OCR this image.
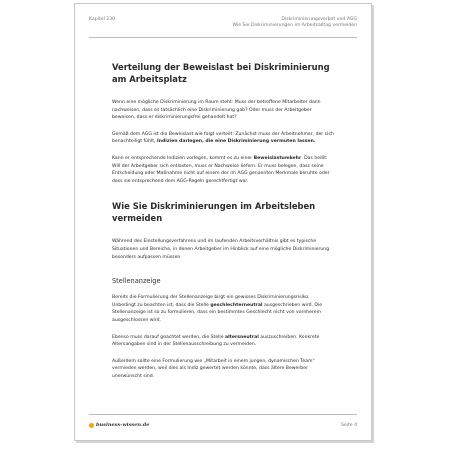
Kapitel 230	Diskriminierungsverbot und AGG
Wie Sie Diskriminierungen im Arbeitsalltag vermeiden
Verteilung der Beweislast bei Diskriminierung am Arbeitsplatz

Wenn eine mögliche Diskriminierung im Raum steht: Muss der betroffene Mitarbeiter dann nachweisen, dass es tatsächlich eine Diskriminierung gab? Oder muss der Arbeitgeber beweisen, dass er diskriminierungsfrei gehandelt hat?

Gemäß dem AGG ist die Beweislast wie folgt verteilt: Zunächst muss der Arbeitnehmer, der sich benachteiligt fühlt, Indizien darlegen, die eine Diskriminierung vermuten lassen.

Kann er entsprechende Indizien vorlegen, kommt es zu einer Beweislastumkehr. Das heißt: Will der Arbeitgeber sich entlasten, muss er Nachweise liefern. Er muss belegen, dass seine Entscheidung oder Maßnahme nicht auf einem der im AGG genannten Merkmale beruhte oder dass sie entsprechend dem AGG-Regeln gerechtfertigt war.

Wie Sie Diskriminierungen im Arbeitsleben vermeiden

Während des Einstellungsverfahrens und im laufenden Arbeitsverhältnis gibt es typische Situationen und Bereiche, in denen Arbeitgeber im Hinblick auf eine mögliche Diskriminierung besonders aufpassen müssen.

Stellenanzeige

Bereits die Formulierung der Stellenanzeige birgt ein gewisses Diskriminierungsrisiko. Unbedingt zu beachten ist, dass die Stelle geschlechterneutral ausgeschrieben wird. Die Stellenanzeige ist so zu formulieren, dass ein bestimmtes Geschlecht nicht von vornherein ausgeschlossen wird.

Ebenso muss darauf geachtet werden, die Stelle altersneutral auszuschreiben. Konkrete Altersangaben sind in der Stellenausschreibung zu vermeiden.

Außerdem sollte eine Formulierung wie „Mitarbeit in einem jungen, dynamischen Team“ vermieden werden, weil dies als Indiz gewertet werden könnte, dass ältere Bewerber unerwünscht sind.

business-wissen.de	Seite 4
